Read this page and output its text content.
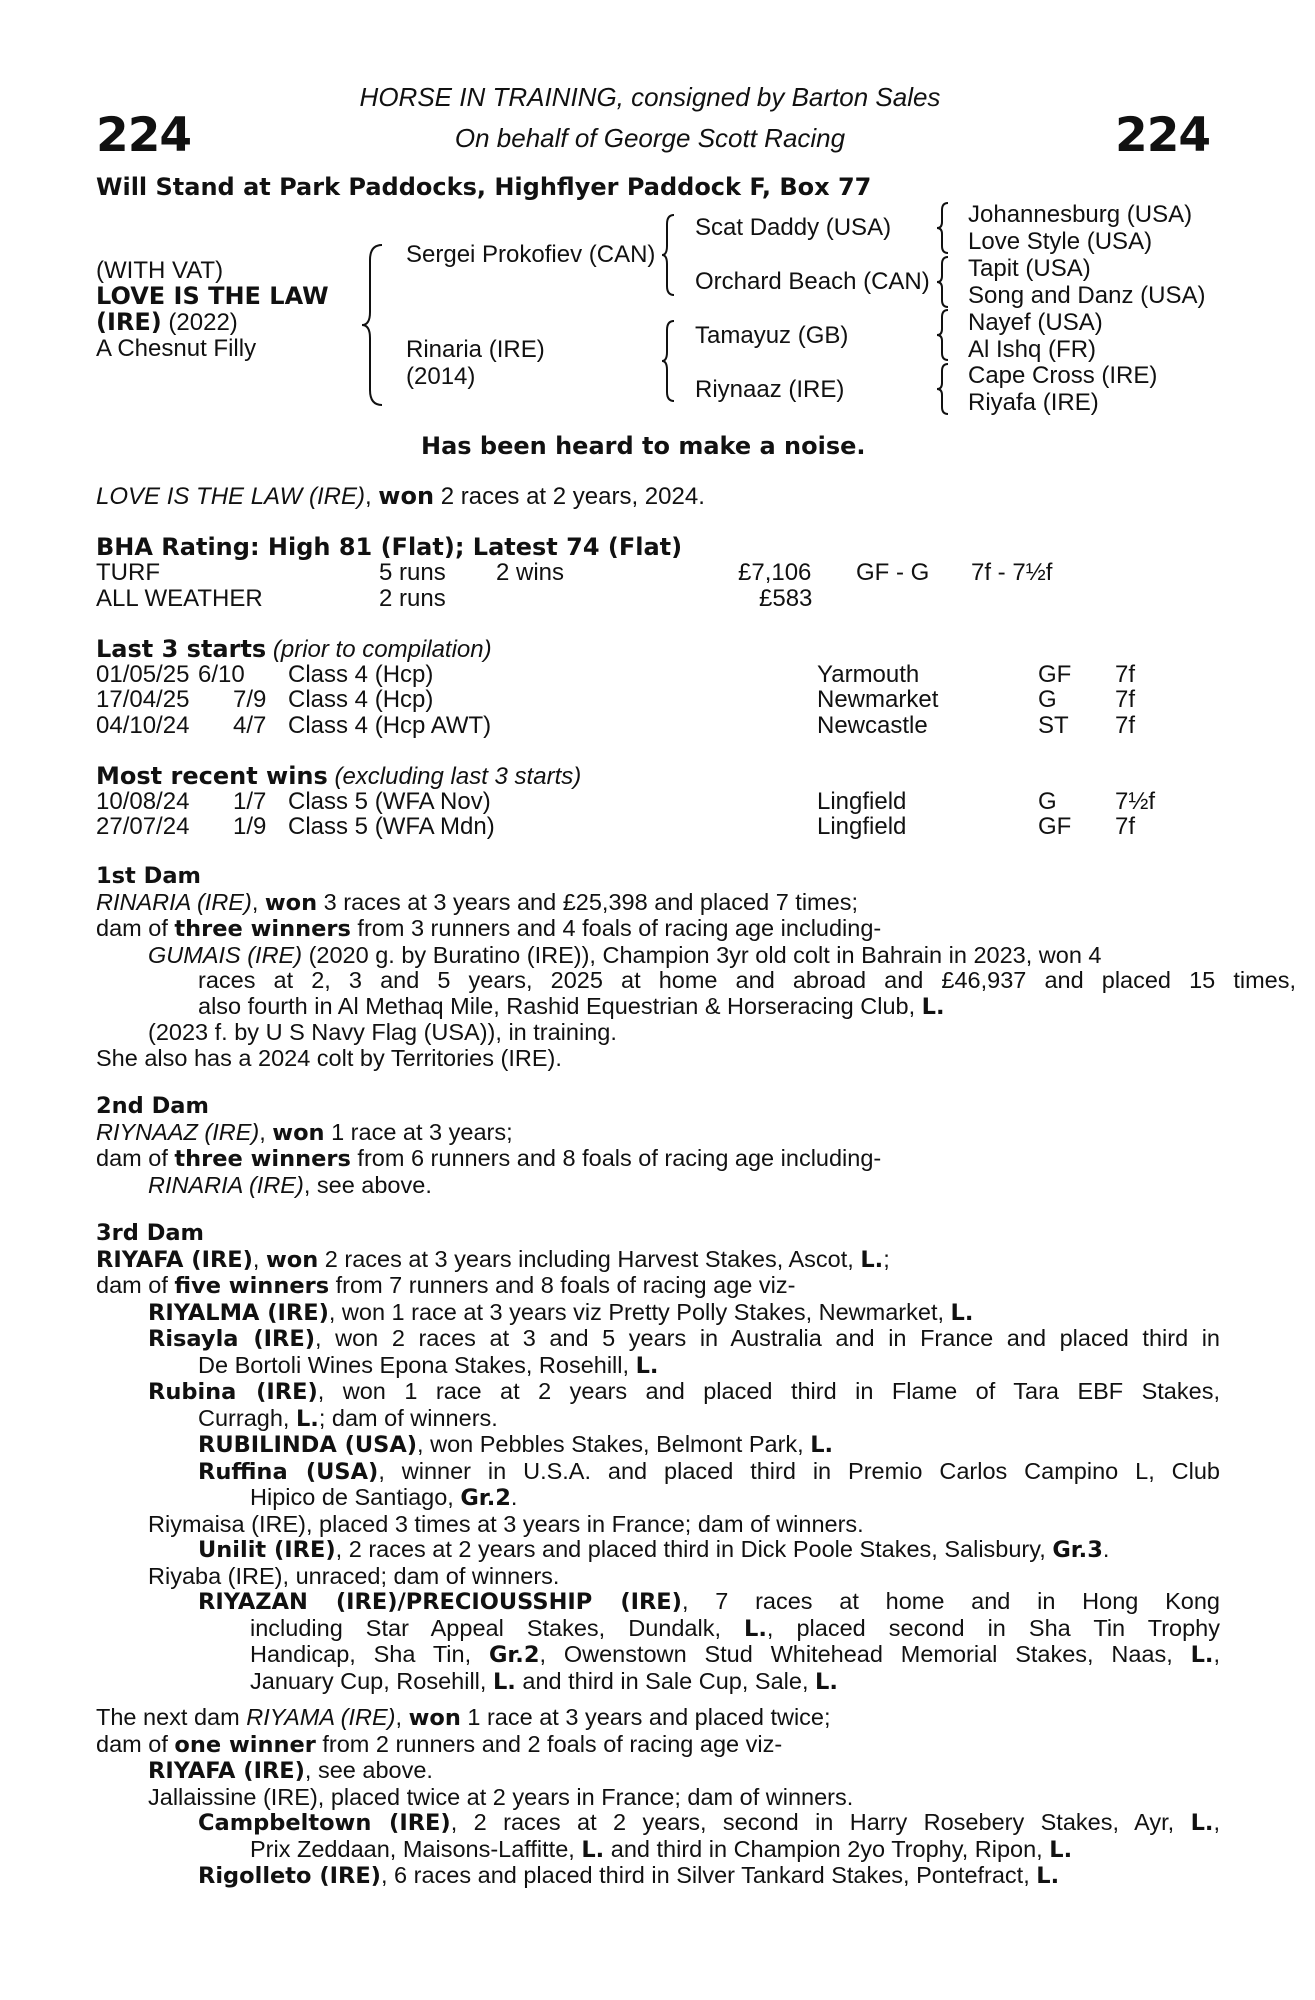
224	224
HORSE IN TRAINING, consigned by Barton Sales
On behalf of George Scott Racing
Will Stand at Park Paddocks, Highflyer Paddock F, Box 77
(WITH VAT)
LOVE IS THE LAW
(IRE) (2022)
A Chesnut Filly
Sergei Prokofiev (CAN)
Rinaria (IRE)
(2014)
Scat Daddy (USA)
Orchard Beach (CAN)
Tamayuz (GB)
Riynaaz (IRE)
Johannesburg (USA)
Love Style (USA)
Tapit (USA)
Song and Danz (USA)
Nayef (USA)
Al Ishq (FR)
Cape Cross (IRE)
Riyafa (IRE)
Has been heard to make a noise.
LOVE IS THE LAW (IRE), won 2 races at 2 years, 2024.
BHA Rating: High 81 (Flat); Latest 74 (Flat)
TURF	5 runs 2 wins	£7,106 GF - G 7f - 7½f
ALL WEATHER	2 runs	£583
Last 3 starts (prior to compilation)
01/05/25 6/10 Class 4 (Hcp)	Yarmouth	GF 7f
17/04/25 7/9 Class 4 (Hcp)	Newmarket	G 7f
04/10/24 4/7 Class 4 (Hcp AWT)	Newcastle	ST 7f
Most recent wins (excluding last 3 starts)
10/08/24 1/7 Class 5 (WFA Nov)	Lingfield	G 7½f
27/07/24 1/9 Class 5 (WFA Mdn)	Lingfield	GF 7f
1st Dam
RINARIA (IRE), won 3 races at 3 years and £25,398 and placed 7 times;
dam of three winners from 3 runners and 4 foals of racing age including-
GUMAIS (IRE) (2020 g. by Buratino (IRE)), Champion 3yr old colt in Bahrain in 2023, won 4
races at 2, 3 and 5 years, 2025 at home and abroad and £46,937 and placed 15 times,
also fourth in Al Methaq Mile, Rashid Equestrian & Horseracing Club, L.
(2023 f. by U S Navy Flag (USA)), in training.
She also has a 2024 colt by Territories (IRE).
2nd Dam
RIYNAAZ (IRE), won 1 race at 3 years;
dam of three winners from 6 runners and 8 foals of racing age including-
RINARIA (IRE), see above.
3rd Dam
RIYAFA (IRE), won 2 races at 3 years including Harvest Stakes, Ascot, L.;
dam of five winners from 7 runners and 8 foals of racing age viz-
RIYALMA (IRE), won 1 race at 3 years viz Pretty Polly Stakes, Newmarket, L.
Risayla (IRE), won 2 races at 3 and 5 years in Australia and in France and placed third in
De Bortoli Wines Epona Stakes, Rosehill, L.
Rubina (IRE), won 1 race at 2 years and placed third in Flame of Tara EBF Stakes,
Curragh, L.; dam of winners.
RUBILINDA (USA), won Pebbles Stakes, Belmont Park, L.
Ruffina (USA), winner in U.S.A. and placed third in Premio Carlos Campino L, Club
Hipico de Santiago, Gr.2.
Riymaisa (IRE), placed 3 times at 3 years in France; dam of winners.
Unilit (IRE), 2 races at 2 years and placed third in Dick Poole Stakes, Salisbury, Gr.3.
Riyaba (IRE), unraced; dam of winners.
RIYAZAN (IRE)/PRECIOUSSHIP (IRE), 7 races at home and in Hong Kong
including Star Appeal Stakes, Dundalk, L., placed second in Sha Tin Trophy
Handicap, Sha Tin, Gr.2, Owenstown Stud Whitehead Memorial Stakes, Naas, L.,
January Cup, Rosehill, L. and third in Sale Cup, Sale, L.
The next dam RIYAMA (IRE), won 1 race at 3 years and placed twice;
dam of one winner from 2 runners and 2 foals of racing age viz-
RIYAFA (IRE), see above.
Jallaissine (IRE), placed twice at 2 years in France; dam of winners.
Campbeltown (IRE), 2 races at 2 years, second in Harry Rosebery Stakes, Ayr, L.,
Prix Zeddaan, Maisons-Laffitte, L. and third in Champion 2yo Trophy, Ripon, L.
Rigolleto (IRE), 6 races and placed third in Silver Tankard Stakes, Pontefract, L.
